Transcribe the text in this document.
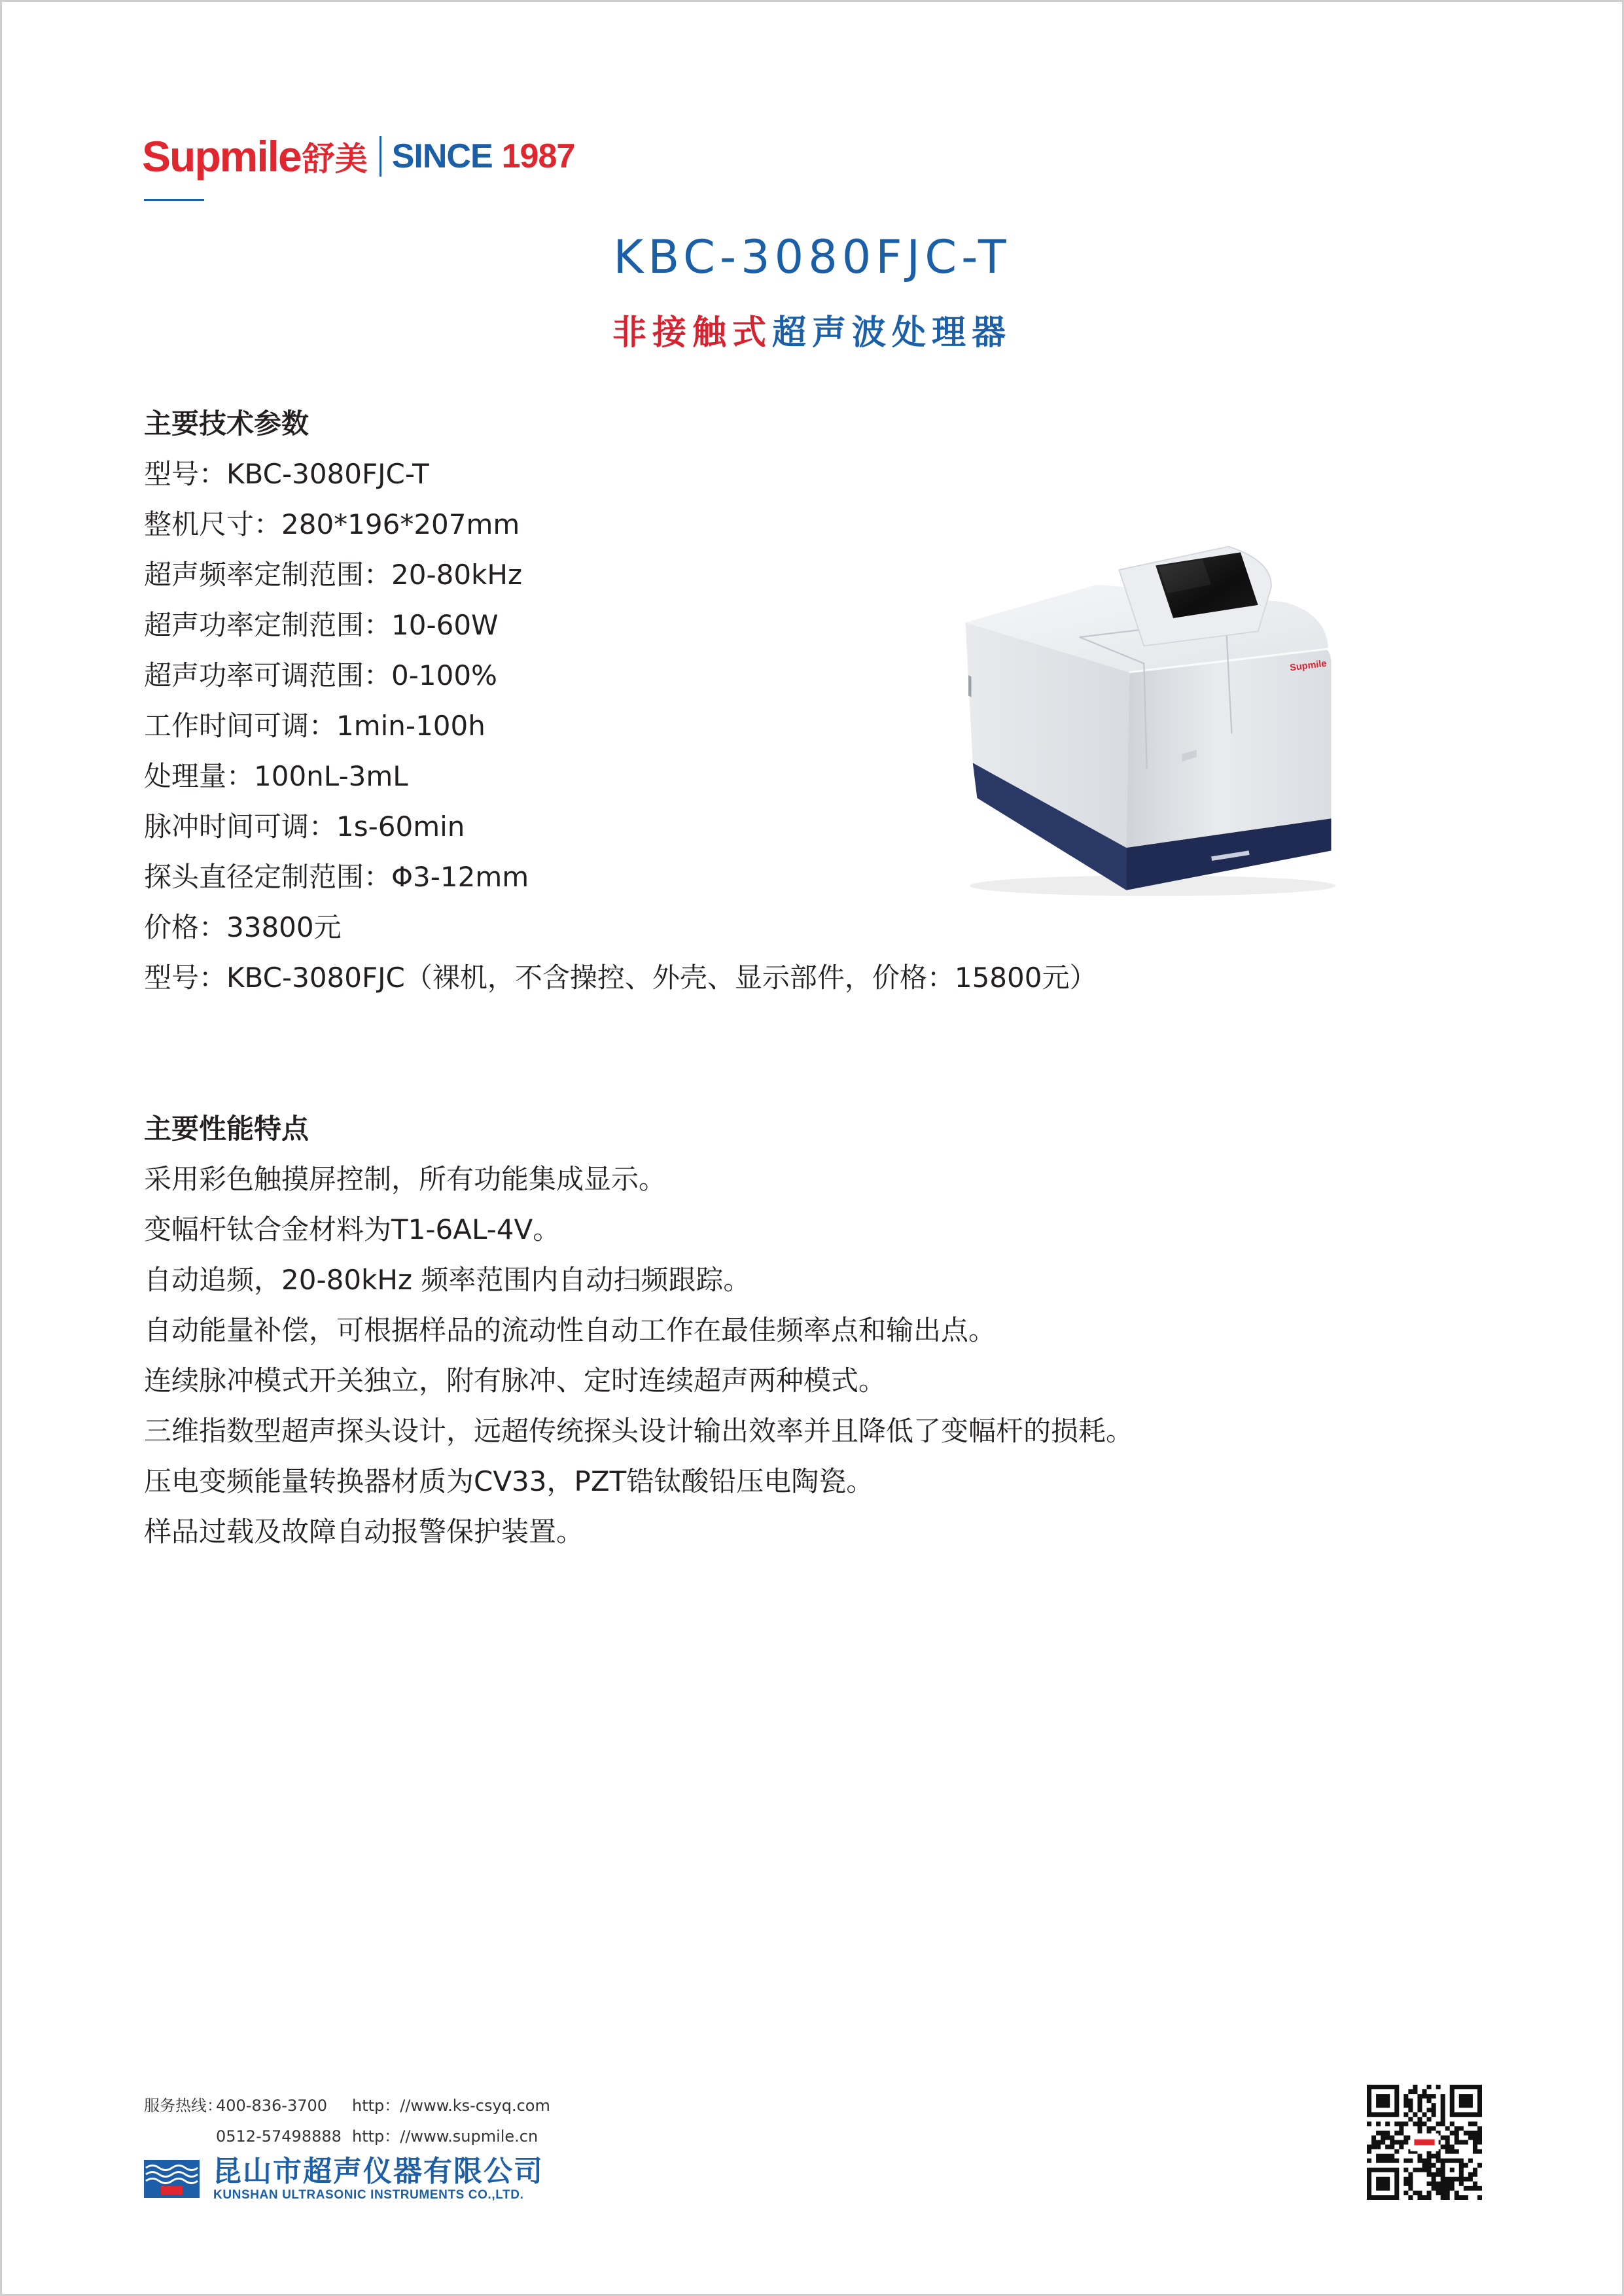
Supmile 舒美 SINCE 1987
KBC-3080FJC-T
非接触式超声波处理器
主要技术参数
型号：KBC-3080FJC-T
整机尺寸：280*196*207mm
超声频率定制范围：20-80kHz
超声功率定制范围：10-60W
超声功率可调范围：0-100%
工作时间可调：1min-100h
处理量：100nL-3mL
脉冲时间可调：1s-60min
探头直径定制范围：Φ3-12mm
价格：33800元
型号：KBC-3080FJC（裸机，不含操控、外壳、显示部件，价格：15800元）
Supmile
主要性能特点
采用彩色触摸屏控制，所有功能集成显示。
变幅杆钛合金材料为T1-6AL-4V。
自动追频，20-80kHz 频率范围内自动扫频跟踪。
自动能量补偿，可根据样品的流动性自动工作在最佳频率点和输出点。
连续脉冲模式开关独立，附有脉冲、定时连续超声两种模式。
三维指数型超声探头设计，远超传统探头设计输出效率并且降低了变幅杆的损耗。
压电变频能量转换器材质为CV33，PZT锆钛酸铅压电陶瓷。
样品过载及故障自动报警保护装置。
服务热线：
400-836-3700 http：//www.ks-csyq.com
0512-57498888 http：//www.supmile.cn
昆山市超声仪器有限公司
KUNSHAN ULTRASONIC INSTRUMENTS CO.,LTD.
